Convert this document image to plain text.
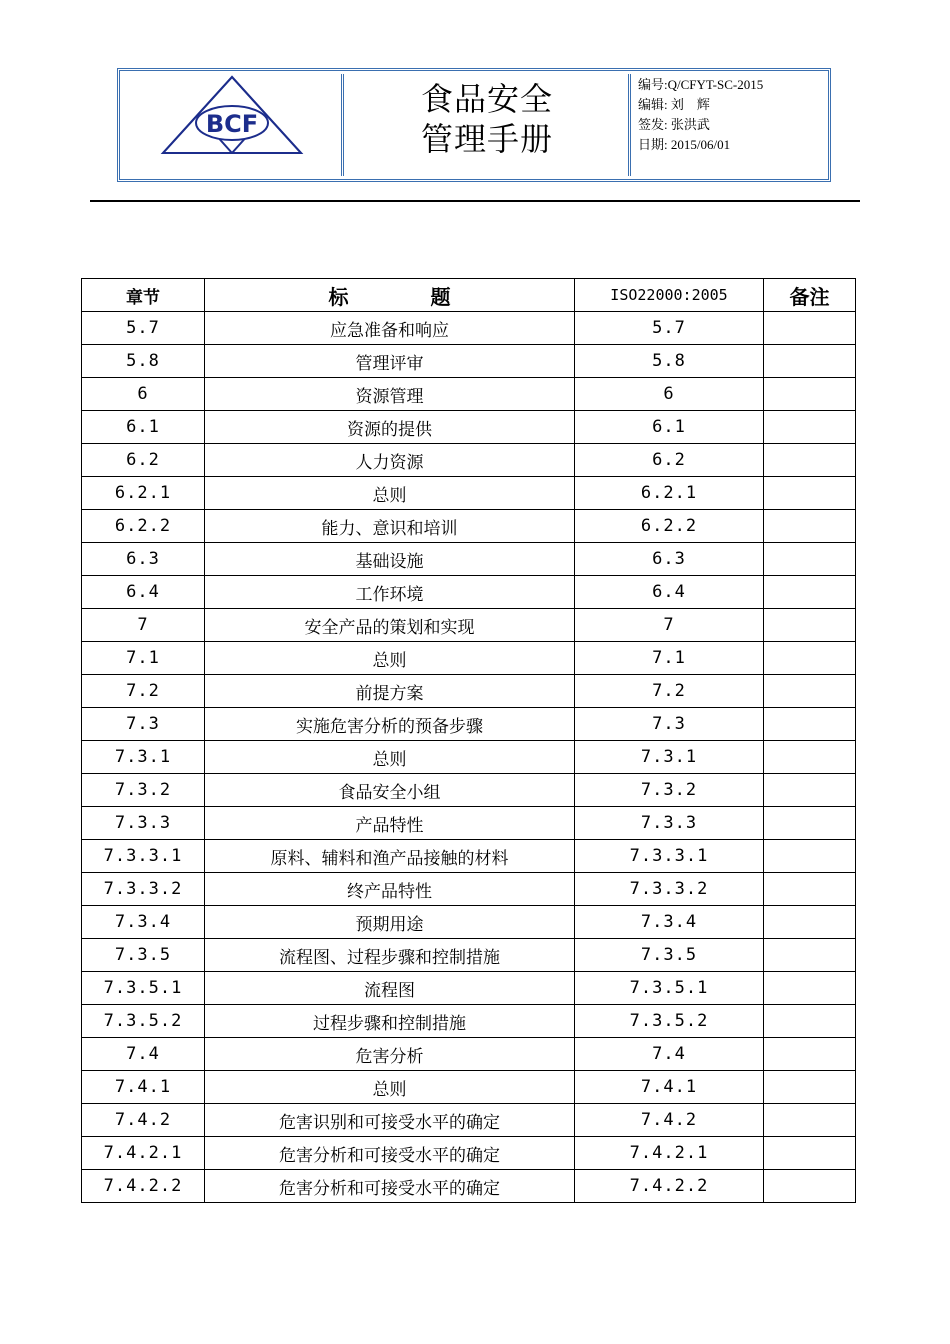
BCF
食品安全
管理手册
编号:Q/CFYT-SC-2015
编辑: 刘　辉
签发: 张洪武
日期: 2015/06/01
章节	标题	ISO22000:2005	备注
5.7	应急准备和响应	5.7	
5.8	管理评审	5.8	
6	资源管理	6	
6.1	资源的提供	6.1	
6.2	人力资源	6.2	
6.2.1	总则	6.2.1	
6.2.2	能力、意识和培训	6.2.2	
6.3	基础设施	6.3	
6.4	工作环境	6.4	
7	安全产品的策划和实现	7	
7.1	总则	7.1	
7.2	前提方案	7.2	
7.3	实施危害分析的预备步骤	7.3	
7.3.1	总则	7.3.1	
7.3.2	食品安全小组	7.3.2	
7.3.3	产品特性	7.3.3	
7.3.3.1	原料、辅料和渔产品接触的材料	7.3.3.1	
7.3.3.2	终产品特性	7.3.3.2	
7.3.4	预期用途	7.3.4	
7.3.5	流程图、过程步骤和控制措施	7.3.5	
7.3.5.1	流程图	7.3.5.1	
7.3.5.2	过程步骤和控制措施	7.3.5.2	
7.4	危害分析	7.4	
7.4.1	总则	7.4.1	
7.4.2	危害识别和可接受水平的确定	7.4.2	
7.4.2.1	危害分析和可接受水平的确定	7.4.2.1	
7.4.2.2	危害分析和可接受水平的确定	7.4.2.2	
